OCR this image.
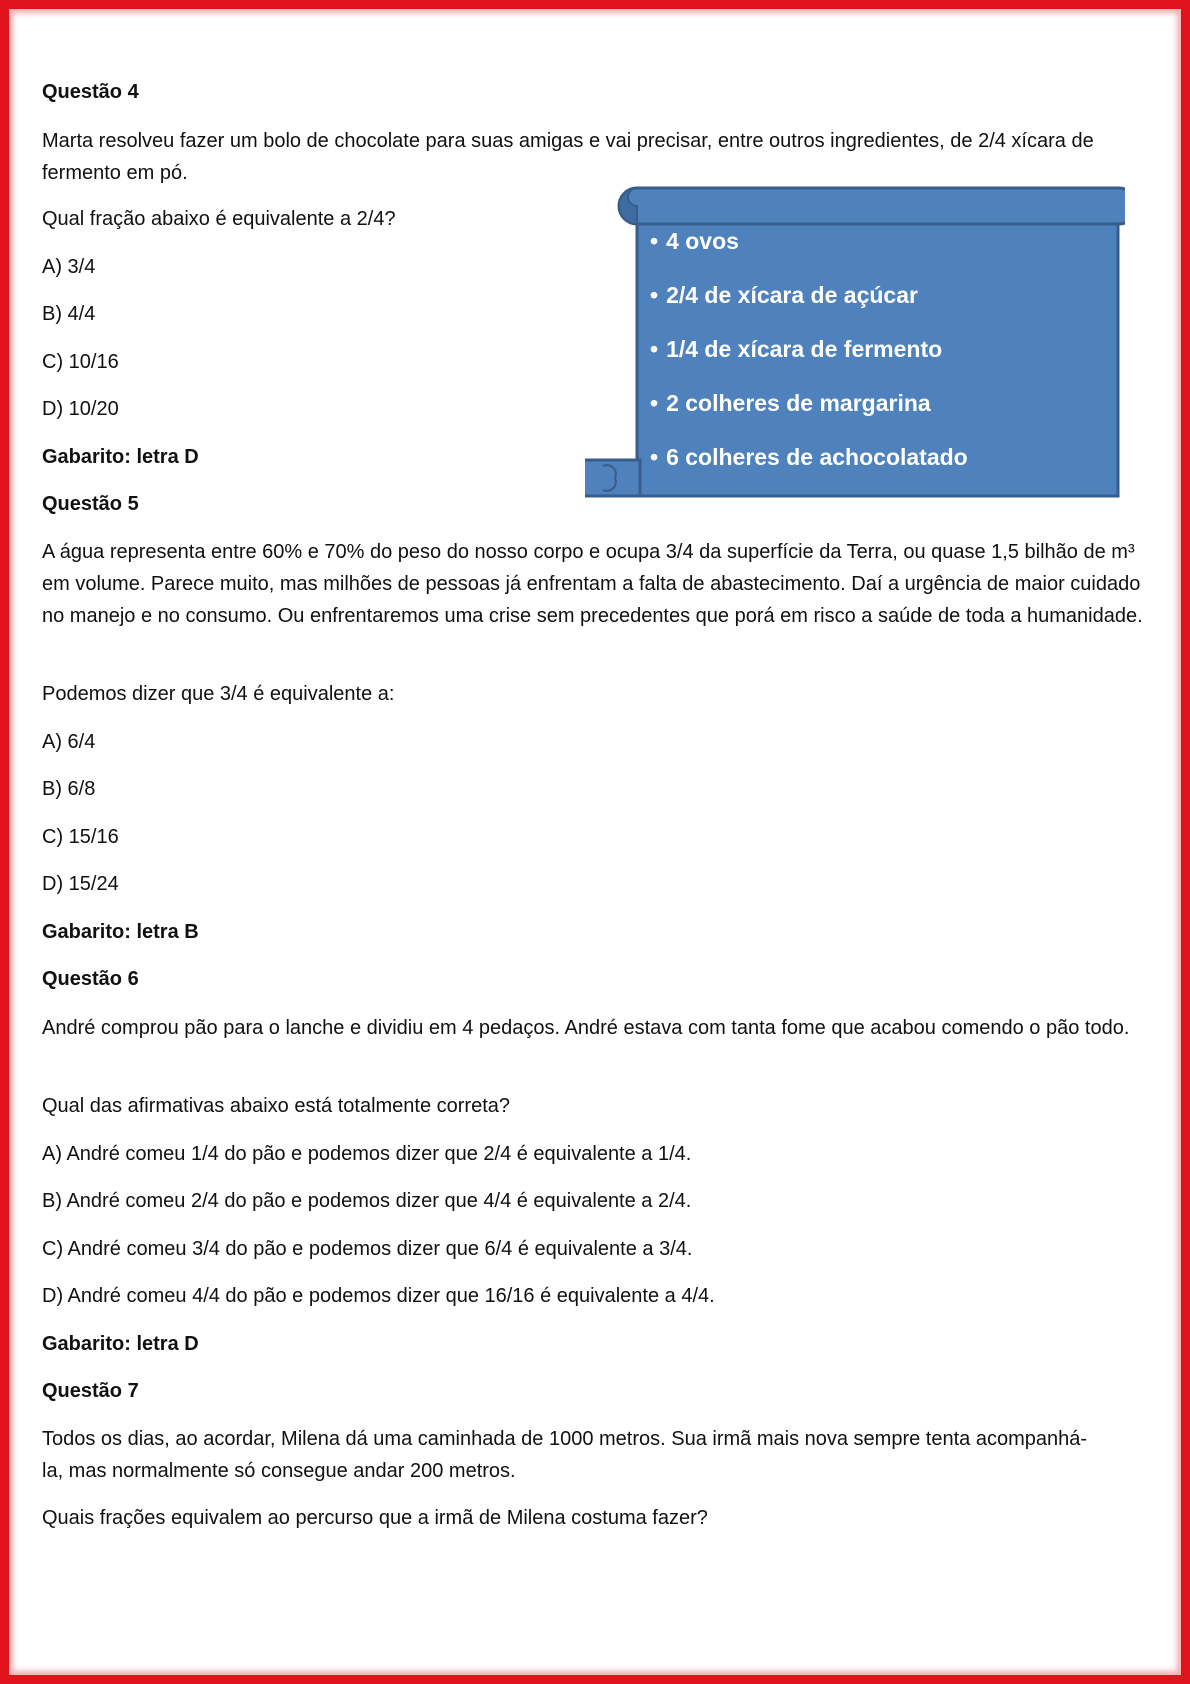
Questão 4

Marta resolveu fazer um bolo de chocolate para suas amigas e vai precisar, entre outros ingredientes, de 2/4 xícara de fermento em pó.

Qual fração abaixo é equivalente a 2/4?

A) 3/4

B) 4/4

C) 10/16

D) 10/20

Gabarito: letra D

• 4 ovos
• 2/4 de xícara de açúcar
• 1/4 de xícara de fermento
• 2 colheres de margarina
• 6 colheres de achocolatado

Questão 5

A água representa entre 60% e 70% do peso do nosso corpo e ocupa 3/4 da superfície da Terra, ou quase 1,5 bilhão de m³ em volume. Parece muito, mas milhões de pessoas já enfrentam a falta de abastecimento. Daí a urgência de maior cuidado no manejo e no consumo. Ou enfrentaremos uma crise sem precedentes que porá em risco a saúde de toda a humanidade.

Podemos dizer que 3/4 é equivalente a:

A) 6/4

B) 6/8

C) 15/16

D) 15/24

Gabarito: letra B

Questão 6

André comprou pão para o lanche e dividiu em 4 pedaços. André estava com tanta fome que acabou comendo o pão todo.

Qual das afirmativas abaixo está totalmente correta?

A) André comeu 1/4 do pão e podemos dizer que 2/4 é equivalente a 1/4.

B) André comeu 2/4 do pão e podemos dizer que 4/4 é equivalente a 2/4.

C) André comeu 3/4 do pão e podemos dizer que 6/4 é equivalente a 3/4.

D) André comeu 4/4 do pão e podemos dizer que 16/16 é equivalente a 4/4.

Gabarito: letra D

Questão 7

Todos os dias, ao acordar, Milena dá uma caminhada de 1000 metros. Sua irmã mais nova sempre tenta acompanhá-la, mas normalmente só consegue andar 200 metros.

Quais frações equivalem ao percurso que a irmã de Milena costuma fazer?
